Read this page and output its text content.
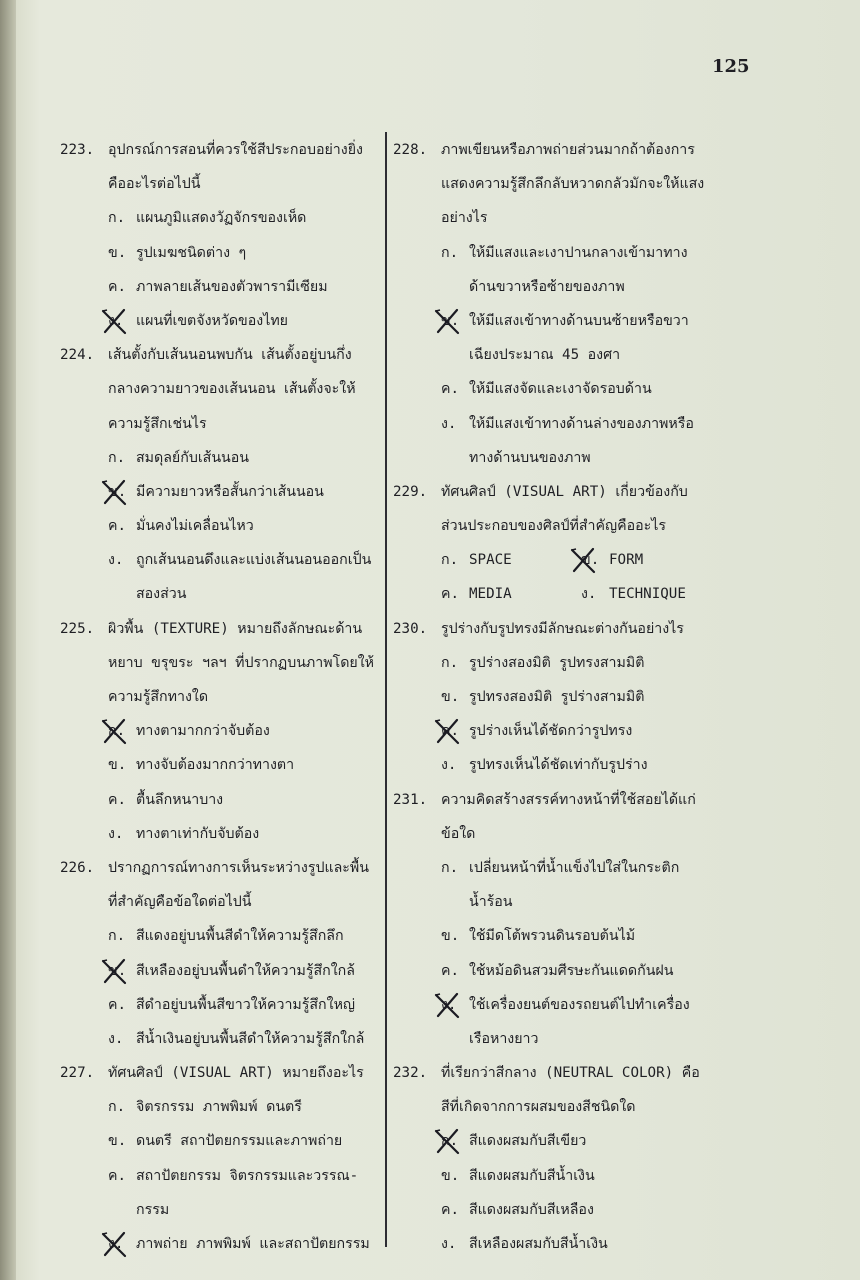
125
223. อุปกรณ์การสอนที่ควรใช้สีประกอบอย่างยิ่ง
คืออะไรต่อไปนี้
ก. แผนภูมิแสดงวัฏจักรของเห็ด
ข. รูปเมฆชนิดต่าง ๆ
ค. ภาพลายเส้นของตัวพารามีเซียม
ง. แผนที่เขตจังหวัดของไทย
224. เส้นตั้งกับเส้นนอนพบกัน เส้นตั้งอยู่บนกึ่ง
กลางความยาวของเส้นนอน เส้นตั้งจะให้
ความรู้สึกเช่นไร
ก. สมดุลย์กับเส้นนอน
ข. มีความยาวหรือสั้นกว่าเส้นนอน
ค. มั่นคงไม่เคลื่อนไหว
ง. ถูกเส้นนอนดึงและแบ่งเส้นนอนออกเป็น
สองส่วน
225. ผิวพื้น (TEXTURE) หมายถึงลักษณะด้าน
หยาบ ขรุขระ ฯลฯ ที่ปรากฏบนภาพโดยให้
ความรู้สึกทางใด
ก. ทางตามากกว่าจับต้อง
ข. ทางจับต้องมากกว่าทางตา
ค. ตื้นลึกหนาบาง
ง. ทางตาเท่ากับจับต้อง
226. ปรากฏการณ์ทางการเห็นระหว่างรูปและพื้น
ที่สำคัญคือข้อใดต่อไปนี้
ก. สีแดงอยู่บนพื้นสีดำให้ความรู้สึกลึก
ข. สีเหลืองอยู่บนพื้นดำให้ความรู้สึกใกล้
ค. สีดำอยู่บนพื้นสีขาวให้ความรู้สึกใหญ่
ง. สีน้ำเงินอยู่บนพื้นสีดำให้ความรู้สึกใกล้
227. ทัศนศิลป์ (VISUAL ART) หมายถึงอะไร
ก. จิตรกรรม ภาพพิมพ์ ดนตรี
ข. ดนตรี สถาปัตยกรรมและภาพถ่าย
ค. สถาปัตยกรรม จิตรกรรมและวรรณ-
กรรม
ง. ภาพถ่าย ภาพพิมพ์ และสถาปัตยกรรม
228. ภาพเขียนหรือภาพถ่ายส่วนมากถ้าต้องการ
แสดงความรู้สึกลึกลับหวาดกลัวมักจะให้แสง
อย่างไร
ก. ให้มีแสงและเงาปานกลางเข้ามาทาง
ด้านขวาหรือซ้ายของภาพ
ข. ให้มีแสงเข้าทางด้านบนซ้ายหรือขวา
เฉียงประมาณ 45 องศา
ค. ให้มีแสงจัดและเงาจัดรอบด้าน
ง. ให้มีแสงเข้าทางด้านล่างของภาพหรือ
ทางด้านบนของภาพ
229. ทัศนศิลป์ (VISUAL ART) เกี่ยวข้องกับ
ส่วนประกอบของศิลป์ที่สำคัญคืออะไร
ก. SPACE	ข. FORM
ค. MEDIA	ง. TECHNIQUE
230. รูปร่างกับรูปทรงมีลักษณะต่างกันอย่างไร
ก. รูปร่างสองมิติ รูปทรงสามมิติ
ข. รูปทรงสองมิติ รูปร่างสามมิติ
ค. รูปร่างเห็นได้ชัดกว่ารูปทรง
ง. รูปทรงเห็นได้ชัดเท่ากับรูปร่าง
231. ความคิดสร้างสรรค์ทางหน้าที่ใช้สอยได้แก่
ข้อใด
ก. เปลี่ยนหน้าที่น้ำแข็งไปใส่ในกระติก
น้ำร้อน
ข. ใช้มีดโต้พรวนดินรอบต้นไม้
ค. ใช้หม้อดินสวมศีรษะกันแดดกันฝน
ง. ใช้เครื่องยนต์ของรถยนต์ไปทำเครื่อง
เรือหางยาว
232. ที่เรียกว่าสีกลาง (NEUTRAL COLOR) คือ
สีที่เกิดจากการผสมของสีชนิดใด
ก. สีแดงผสมกับสีเขียว
ข. สีแดงผสมกับสีน้ำเงิน
ค. สีแดงผสมกับสีเหลือง
ง. สีเหลืองผสมกับสีน้ำเงิน
